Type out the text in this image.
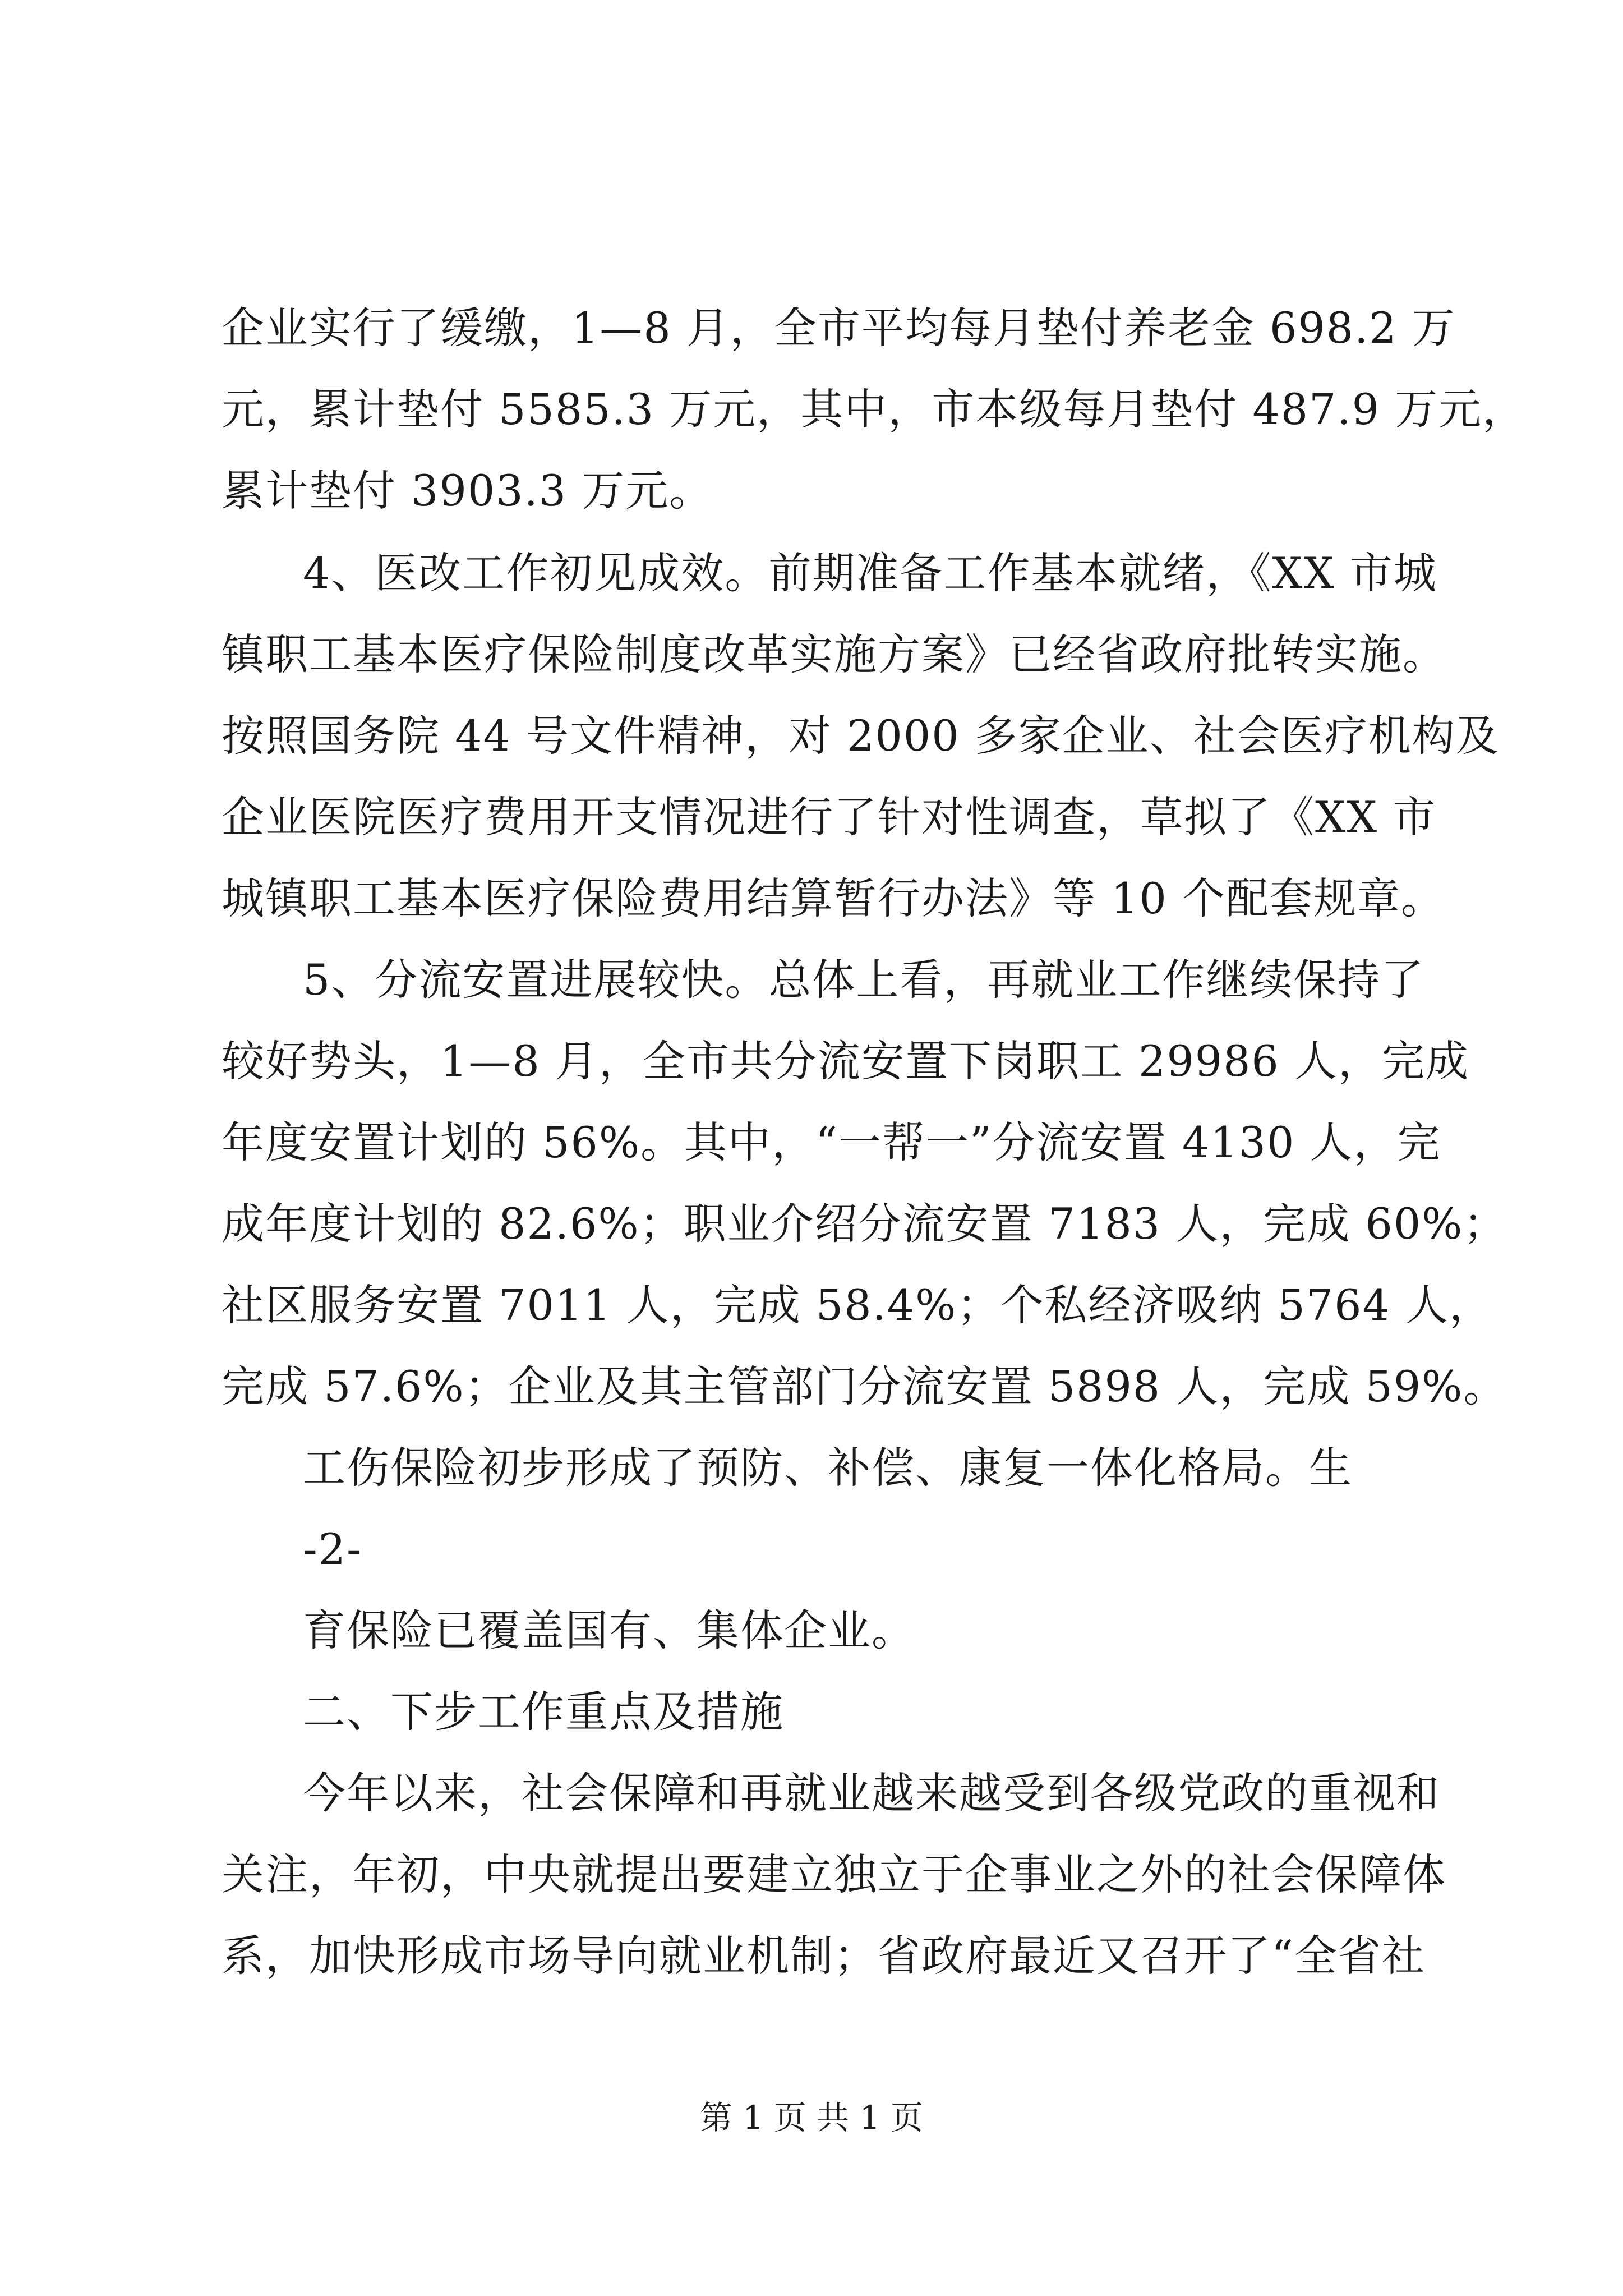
企业实行了缓缴，1—8 月，全市平均每月垫付养老金 698.2 万
元，累计垫付 5585.3 万元，其中，市本级每月垫付 487.9 万元，
累计垫付 3903.3 万元。
4、医改工作初见成效。前期准备工作基本就绪，《XX 市城
镇职工基本医疗保险制度改革实施方案》已经省政府批转实施。
按照国务院 44 号文件精神，对 2000 多家企业、社会医疗机构及
企业医院医疗费用开支情况进行了针对性调查，草拟了《XX 市
城镇职工基本医疗保险费用结算暂行办法》等 10 个配套规章。
5、分流安置进展较快。总体上看，再就业工作继续保持了
较好势头，1—8 月，全市共分流安置下岗职工 29986 人，完成
年度安置计划的 56%。其中，“一帮一”分流安置 4130 人，完
成年度计划的 82.6%；职业介绍分流安置 7183 人，完成 60%；
社区服务安置 7011 人，完成 58.4%；个私经济吸纳 5764 人，
完成 57.6%；企业及其主管部门分流安置 5898 人，完成 59%。
工伤保险初步形成了预防、补偿、康复一体化格局。生
-2-
育保险已覆盖国有、集体企业。
二、下步工作重点及措施
今年以来，社会保障和再就业越来越受到各级党政的重视和
关注，年初，中央就提出要建立独立于企事业之外的社会保障体
系，加快形成市场导向就业机制；省政府最近又召开了“全省社
第 1 页 共 1 页
